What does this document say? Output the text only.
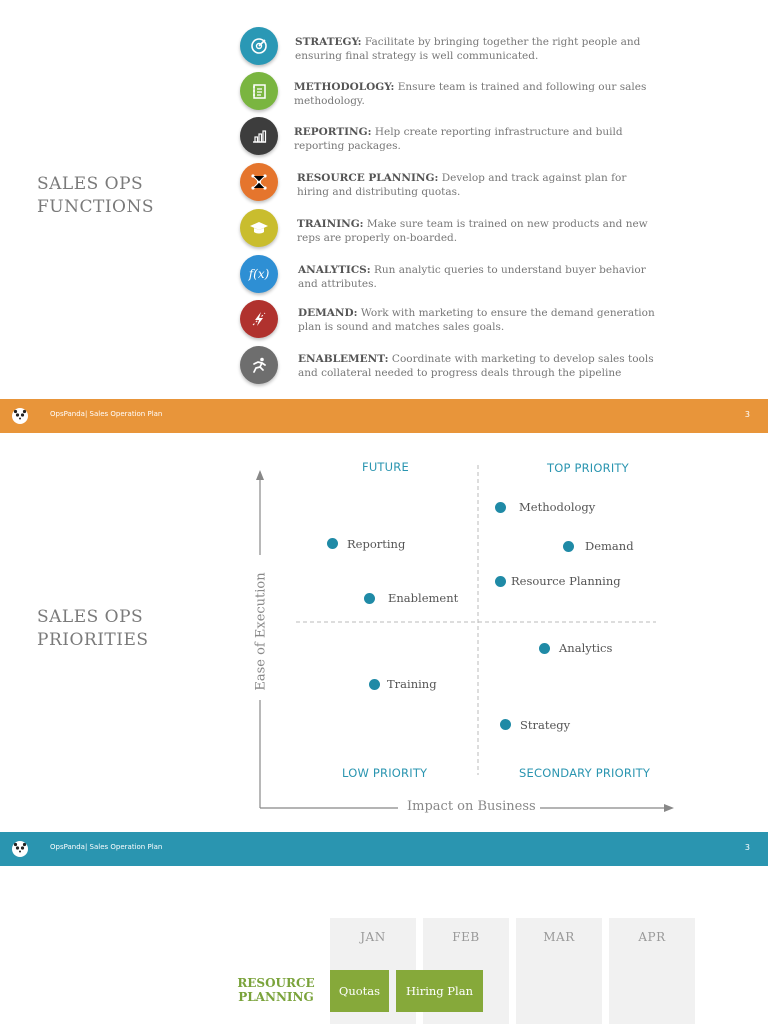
SALES OPS
FUNCTIONS
STRATEGY: Facilitate by bringing together the right people and ensuring final strategy is well communicated.
METHODOLOGY: Ensure team is trained and following our sales methodology.
REPORTING: Help create reporting infrastructure and build reporting packages.
RESOURCE PLANNING: Develop and track against plan for hiring and distributing quotas.
TRAINING: Make sure team is trained on new products and new reps are properly on-boarded.
f(x)	ANALYTICS: Run analytic queries to understand buyer behavior and attributes.
DEMAND: Work with marketing to ensure the demand generation plan is sound and matches sales goals.
ENABLEMENT: Coordinate with marketing to develop sales tools and collateral needed to progress deals through the pipeline
OpsPanda| Sales Operation Plan	3
SALES OPS
PRIORITIES
FUTURE	TOP PRIORITY
LOW PRIORITY	SECONDARY PRIORITY
Ease of Execution
Impact on Business
Methodology
Reporting	Demand
Resource Planning
Enablement
Analytics
Training
Strategy
OpsPanda| Sales Operation Plan	3
JAN	FEB	MAR	APR
RESOURCE
PLANNING	Quotas	Hiring Plan
